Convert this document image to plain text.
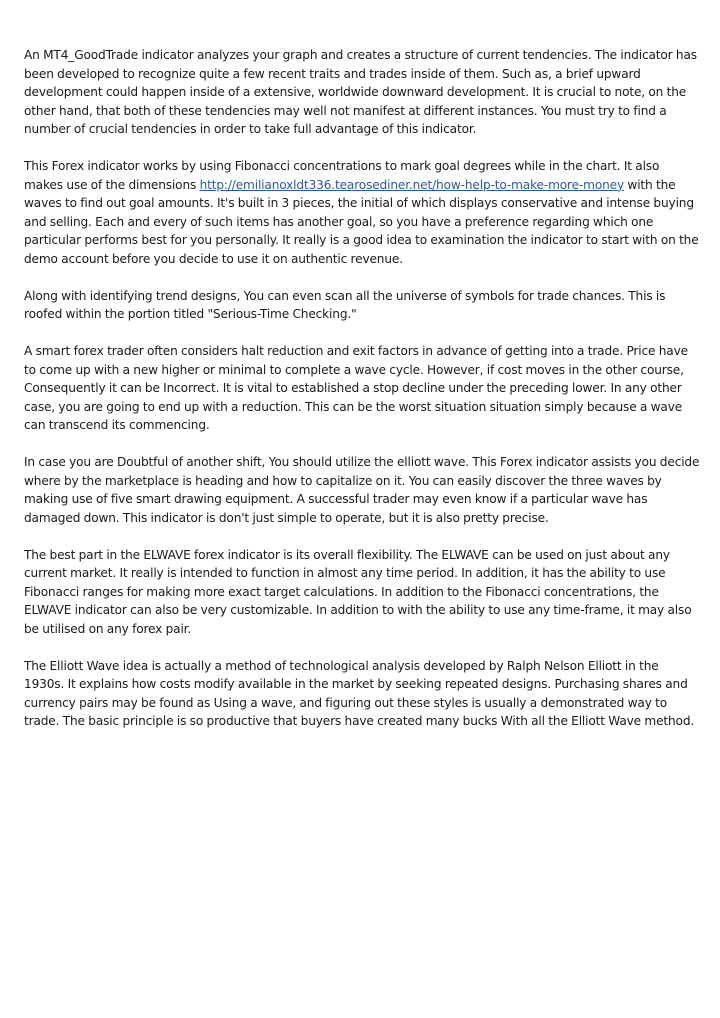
An MT4_GoodTrade indicator analyzes your graph and creates a structure of current tendencies. The indicator has been developed to recognize quite a few recent traits and trades inside of them. Such as, a brief upward development could happen inside of a extensive, worldwide downward development. It is crucial to note, on the other hand, that both of these tendencies may well not manifest at different instances. You must try to find a number of crucial tendencies in order to take full advantage of this indicator.

This Forex indicator works by using Fibonacci concentrations to mark goal degrees while in the chart. It also makes use of the dimensions http://emilianoxldt336.tearosediner.net/how-help-to-make-more-money with the waves to find out goal amounts. It's built in 3 pieces, the initial of which displays conservative and intense buying and selling. Each and every of such items has another goal, so you have a preference regarding which one particular performs best for you personally. It really is a good idea to examination the indicator to start with on the demo account before you decide to use it on authentic revenue.

Along with identifying trend designs, You can even scan all the universe of symbols for trade chances. This is roofed within the portion titled "Serious-Time Checking."

A smart forex trader often considers halt reduction and exit factors in advance of getting into a trade. Price have to come up with a new higher or minimal to complete a wave cycle. However, if cost moves in the other course, Consequently it can be Incorrect. It is vital to established a stop decline under the preceding lower. In any other case, you are going to end up with a reduction. This can be the worst situation situation simply because a wave can transcend its commencing.

In case you are Doubtful of another shift, You should utilize the elliott wave. This Forex indicator assists you decide where by the marketplace is heading and how to capitalize on it. You can easily discover the three waves by making use of five smart drawing equipment. A successful trader may even know if a particular wave has damaged down. This indicator is don't just simple to operate, but it is also pretty precise.

The best part in the ELWAVE forex indicator is its overall flexibility. The ELWAVE can be used on just about any current market. It really is intended to function in almost any time period. In addition, it has the ability to use Fibonacci ranges for making more exact target calculations. In addition to the Fibonacci concentrations, the ELWAVE indicator can also be very customizable. In addition to with the ability to use any time-frame, it may also be utilised on any forex pair.

The Elliott Wave idea is actually a method of technological analysis developed by Ralph Nelson Elliott in the 1930s. It explains how costs modify available in the market by seeking repeated designs. Purchasing shares and currency pairs may be found as Using a wave, and figuring out these styles is usually a demonstrated way to trade. The basic principle is so productive that buyers have created many bucks With all the Elliott Wave method.
